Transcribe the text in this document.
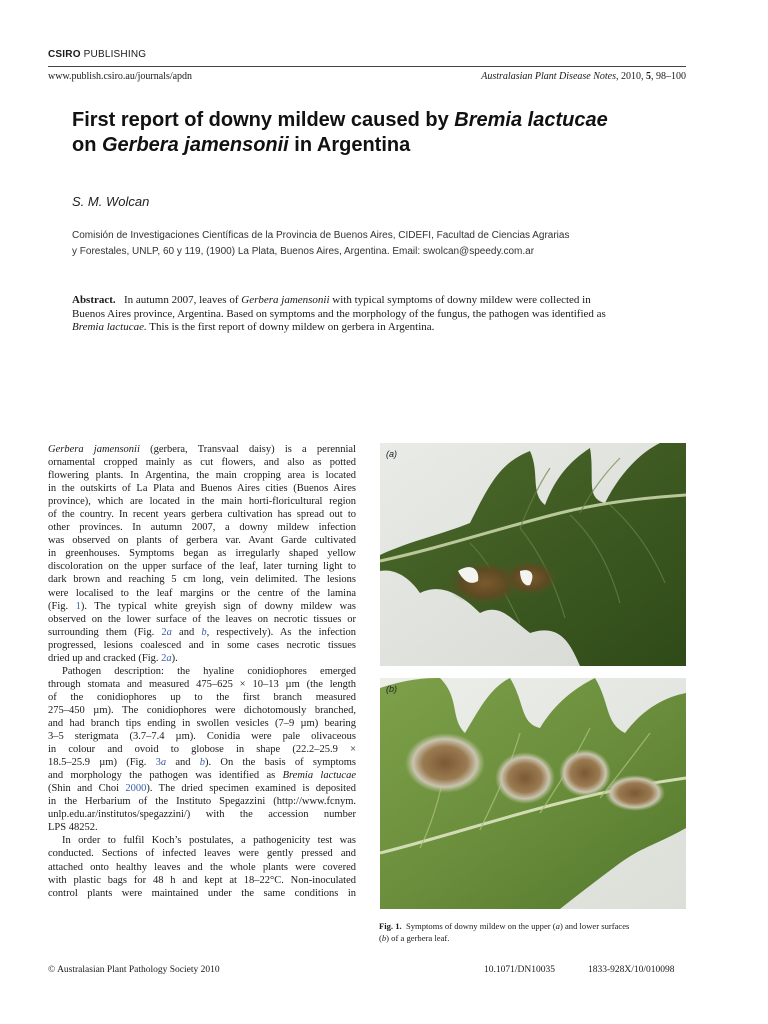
CSIRO PUBLISHING
www.publish.csiro.au/journals/apdn	Australasian Plant Disease Notes, 2010, 5, 98–100
First report of downy mildew caused by Bremia lactucae
on Gerbera jamensonii in Argentina
S. M. Wolcan
Comisión de Investigaciones Científicas de la Provincia de Buenos Aires, CIDEFI, Facultad de Ciencias Agrarias
y Forestales, UNLP, 60 y 119, (1900) La Plata, Buenos Aires, Argentina. Email: swolcan@speedy.com.ar
Abstract. In autumn 2007, leaves of Gerbera jamensonii with typical symptoms of downy mildew were collected in
Buenos Aires province, Argentina. Based on symptoms and the morphology of the fungus, the pathogen was identified as
Bremia lactucae. This is the first report of downy mildew on gerbera in Argentina.
Gerbera jamensonii (gerbera, Transvaal daisy) is a perennial
ornamental cropped mainly as cut flowers, and also as potted
flowering plants. In Argentina, the main cropping area is located
in the outskirts of La Plata and Buenos Aires cities (Buenos Aires
province), which are located in the main horti-floricultural region
of the country. In recent years gerbera cultivation has spread out to
other provinces. In autumn 2007, a downy mildew infection
was observed on plants of gerbera var. Avant Garde cultivated
in greenhouses. Symptoms began as irregularly shaped yellow
discoloration on the upper surface of the leaf, later turning light to
dark brown and reaching 5 cm long, vein delimited. The lesions
were localised to the leaf margins or the centre of the lamina
(Fig. 1). The typical white greyish sign of downy mildew was
observed on the lower surface of the leaves on necrotic tissues or
surrounding them (Fig. 2a and b, respectively). As the infection
progressed, lesions coalesced and in some cases necrotic tissues
dried up and cracked (Fig. 2a).
Pathogen description: the hyaline conidiophores emerged
through stomata and measured 475–625 × 10–13 µm (the length
of the conidiophores up to the first branch measured
275–450 µm). The conidiophores were dichotomously branched,
and had branch tips ending in swollen vesicles (7–9 µm) bearing
3–5 sterigmata (3.7–7.4 µm). Conidia were pale olivaceous
in colour and ovoid to globose in shape (22.2–25.9 ×
18.5–25.9 µm) (Fig. 3a and b). On the basis of symptoms
and morphology the pathogen was identified as Bremia lactucae
(Shin and Choi 2000). The dried specimen examined is deposited
in the Herbarium of the Instituto Spegazzini (http://www.fcnym.
unlp.edu.ar/institutos/spegazzini/) with the accession number
LPS 48252.
In order to fulfil Koch’s postulates, a pathogenicity test was
conducted. Sections of infected leaves were gently pressed and
attached onto healthy leaves and the whole plants were covered
with plastic bags for 48 h and kept at 18–22°C. Non-inoculated
control plants were maintained under the same conditions in
(a)
(b)
Fig. 1. Symptoms of downy mildew on the upper (a) and lower surfaces
(b) of a gerbera leaf.
© Australasian Plant Pathology Society 2010	10.1071/DN10035	1833-928X/10/010098
